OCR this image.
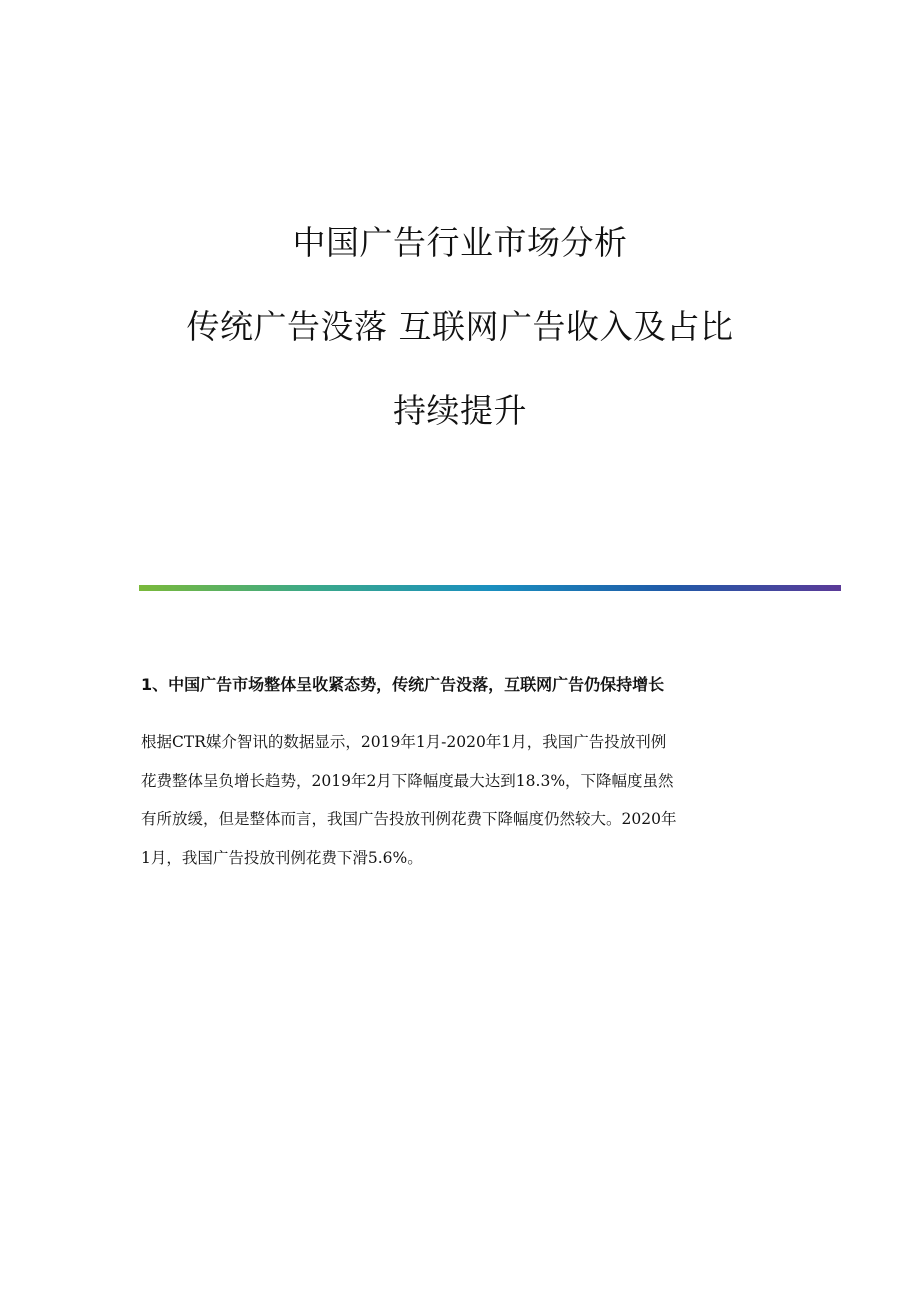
中国广告行业市场分析
传统广告没落 互联网广告收入及占比
持续提升
1、中国广告市场整体呈收紧态势，传统广告没落，互联网广告仍保持增长
根据CTR媒介智讯的数据显示，2019年1月-2020年1月，我国广告投放刊例
花费整体呈负增长趋势，2019年2月下降幅度最大达到18.3%，下降幅度虽然
有所放缓，但是整体而言，我国广告投放刊例花费下降幅度仍然较大。2020年
1月，我国广告投放刊例花费下滑5.6%。
